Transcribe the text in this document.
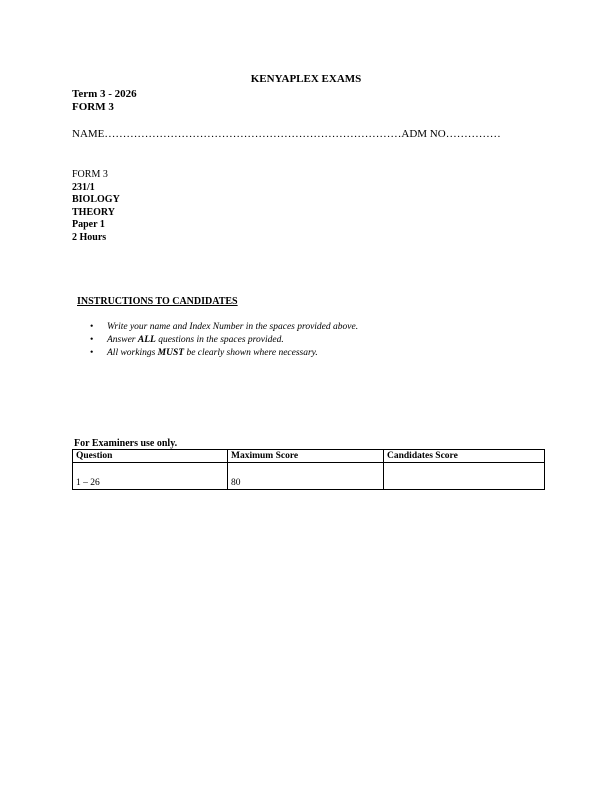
KENYAPLEX EXAMS
Term 3 - 2026
FORM 3
NAME………………………………………………………………………ADM NO……………
FORM 3
231/1
BIOLOGY
THEORY
Paper 1
2 Hours
INSTRUCTIONS TO CANDIDATES
• Write your name and Index Number in the spaces provided above.
• Answer ALL questions in the spaces provided.
• All workings MUST be clearly shown where necessary.
For Examiners use only.
Question	Maximum Score	Candidates Score
1 – 26	80	
